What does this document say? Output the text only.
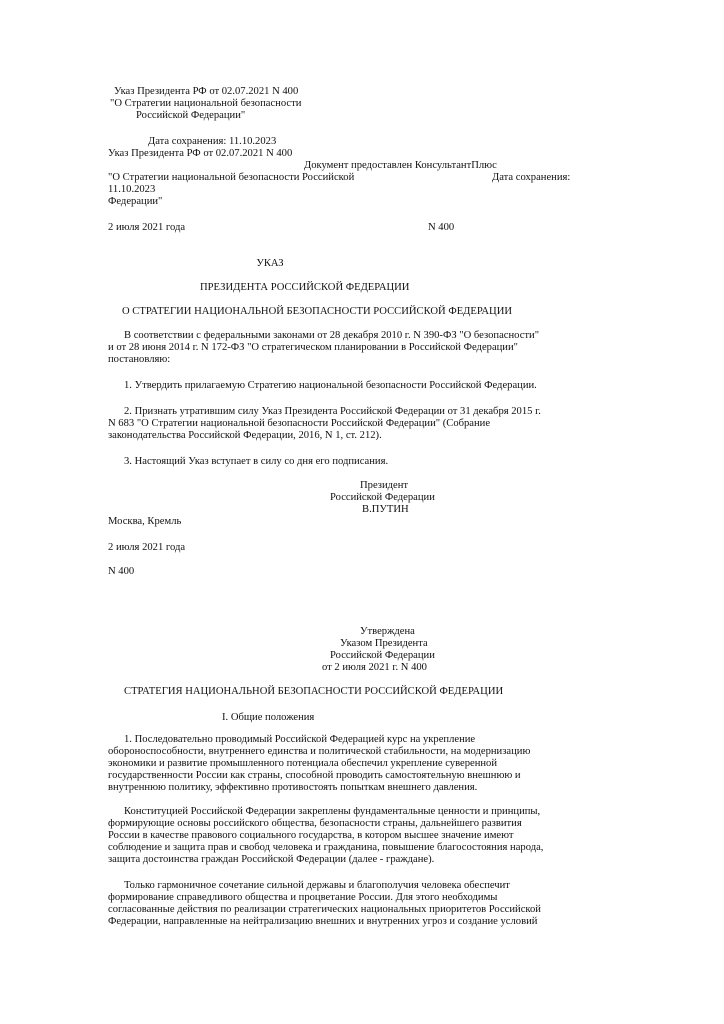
Указ Президента РФ от 02.07.2021 N 400
"О Стратегии национальной безопасности
Российской Федерации"
Дата сохранения: 11.10.2023
Указ Президента РФ от 02.07.2021 N 400
Документ предоставлен КонсультантПлюс
"О Стратегии национальной безопасности Российской	Дата сохранения:
11.10.2023
Федерации"
2 июля 2021 года	N 400
УКАЗ
ПРЕЗИДЕНТА РОССИЙСКОЙ ФЕДЕРАЦИИ
О СТРАТЕГИИ НАЦИОНАЛЬНОЙ БЕЗОПАСНОСТИ РОССИЙСКОЙ ФЕДЕРАЦИИ
В соответствии с федеральными законами от 28 декабря 2010 г. N 390-ФЗ "О безопасности"
и от 28 июня 2014 г. N 172-ФЗ "О стратегическом планировании в Российской Федерации"
постановляю:
1. Утвердить прилагаемую Стратегию национальной безопасности Российской Федерации.
2. Признать утратившим силу Указ Президента Российской Федерации от 31 декабря 2015 г.
N 683 "О Стратегии национальной безопасности Российской Федерации" (Собрание
законодательства Российской Федерации, 2016, N 1, ст. 212).
3. Настоящий Указ вступает в силу со дня его подписания.
Президент
Российской Федерации
В.ПУТИН
Москва, Кремль
2 июля 2021 года
N 400
Утверждена
Указом Президента
Российской Федерации
от 2 июля 2021 г. N 400
СТРАТЕГИЯ НАЦИОНАЛЬНОЙ БЕЗОПАСНОСТИ РОССИЙСКОЙ ФЕДЕРАЦИИ
I. Общие положения
1. Последовательно проводимый Российской Федерацией курс на укрепление
обороноспособности, внутреннего единства и политической стабильности, на модернизацию
экономики и развитие промышленного потенциала обеспечил укрепление суверенной
государственности России как страны, способной проводить самостоятельную внешнюю и
внутреннюю политику, эффективно противостоять попыткам внешнего давления.
Конституцией Российской Федерации закреплены фундаментальные ценности и принципы,
формирующие основы российского общества, безопасности страны, дальнейшего развития
России в качестве правового социального государства, в котором высшее значение имеют
соблюдение и защита прав и свобод человека и гражданина, повышение благосостояния народа,
защита достоинства граждан Российской Федерации (далее - граждане).
Только гармоничное сочетание сильной державы и благополучия человека обеспечит
формирование справедливого общества и процветание России. Для этого необходимы
согласованные действия по реализации стратегических национальных приоритетов Российской
Федерации, направленные на нейтрализацию внешних и внутренних угроз и создание условий
